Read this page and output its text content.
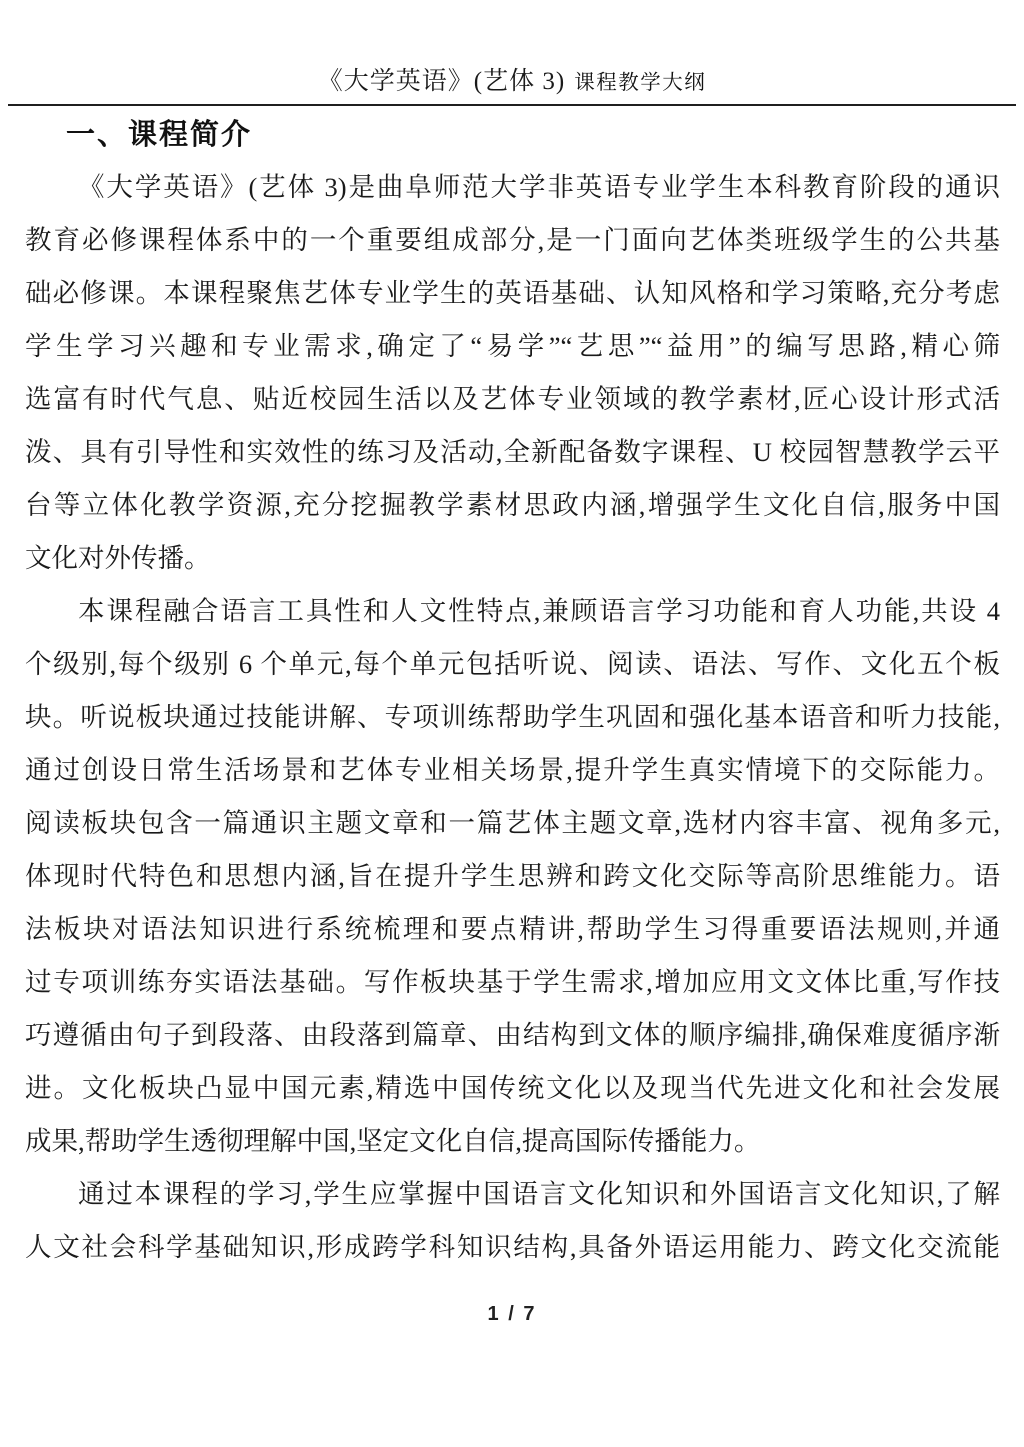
《大学英语》(艺体 3) 课程教学大纲
一、课程简介
《大学英语》(艺体 3)是曲阜师范大学非英语专业学生本科教育阶段的通识
教育必修课程体系中的一个重要组成部分,是一门面向艺体类班级学生的公共基
础必修课。本课程聚焦艺体专业学生的英语基础、认知风格和学习策略,充分考虑
学生学习兴趣和专业需求,确定了“易学”“艺思”“益用”的编写思路,精心筛
选富有时代气息、贴近校园生活以及艺体专业领域的教学素材,匠心设计形式活
泼、具有引导性和实效性的练习及活动,全新配备数字课程、U 校园智慧教学云平
台等立体化教学资源,充分挖掘教学素材思政内涵,增强学生文化自信,服务中国
文化对外传播。
本课程融合语言工具性和人文性特点,兼顾语言学习功能和育人功能,共设 4
个级别,每个级别 6 个单元,每个单元包括听说、阅读、语法、写作、文化五个板
块。听说板块通过技能讲解、专项训练帮助学生巩固和强化基本语音和听力技能,
通过创设日常生活场景和艺体专业相关场景,提升学生真实情境下的交际能力。
阅读板块包含一篇通识主题文章和一篇艺体主题文章,选材内容丰富、视角多元,
体现时代特色和思想内涵,旨在提升学生思辨和跨文化交际等高阶思维能力。语
法板块对语法知识进行系统梳理和要点精讲,帮助学生习得重要语法规则,并通
过专项训练夯实语法基础。写作板块基于学生需求,增加应用文文体比重,写作技
巧遵循由句子到段落、由段落到篇章、由结构到文体的顺序编排,确保难度循序渐
进。文化板块凸显中国元素,精选中国传统文化以及现当代先进文化和社会发展
成果,帮助学生透彻理解中国,坚定文化自信,提高国际传播能力。
通过本课程的学习,学生应掌握中国语言文化知识和外国语言文化知识,了解
人文社会科学基础知识,形成跨学科知识结构,具备外语运用能力、跨文化交流能
1 / 7
